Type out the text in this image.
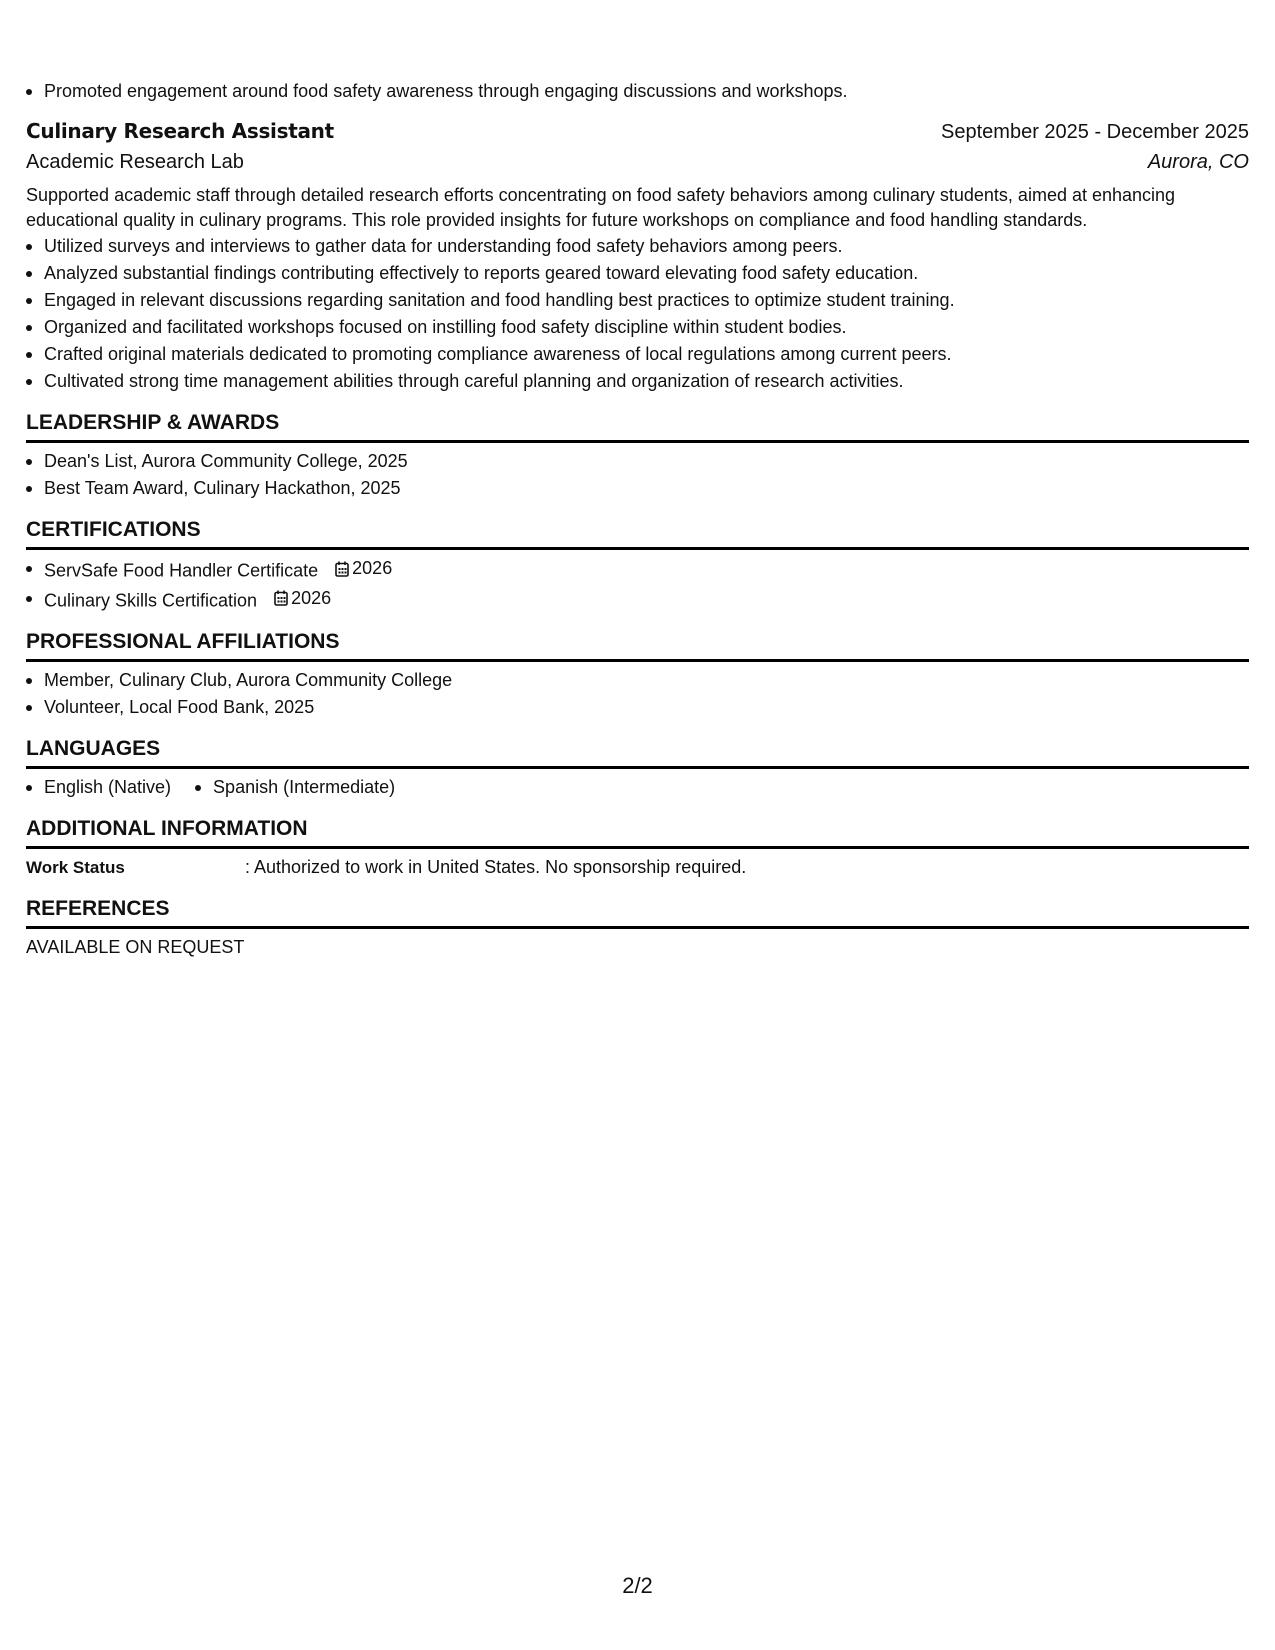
Promoted engagement around food safety awareness through engaging discussions and workshops.
Culinary Research Assistant	September 2025 - December 2025
Academic Research Lab	Aurora, CO

Supported academic staff through detailed research efforts concentrating on food safety behaviors among culinary students, aimed at enhancing educational quality in culinary programs. This role provided insights for future workshops on compliance and food handling standards.

Utilized surveys and interviews to gather data for understanding food safety behaviors among peers.
Analyzed substantial findings contributing effectively to reports geared toward elevating food safety education.
Engaged in relevant discussions regarding sanitation and food handling best practices to optimize student training.
Organized and facilitated workshops focused on instilling food safety discipline within student bodies.
Crafted original materials dedicated to promoting compliance awareness of local regulations among current peers.
Cultivated strong time management abilities through careful planning and organization of research activities.
LEADERSHIP & AWARDS
Dean's List, Aurora Community College, 2025
Best Team Award, Culinary Hackathon, 2025
CERTIFICATIONS
ServSafe Food Handler Certificate 2026
Culinary Skills Certification 2026
PROFESSIONAL AFFILIATIONS
Member, Culinary Club, Aurora Community College
Volunteer, Local Food Bank, 2025
LANGUAGES
English (Native)	Spanish (Intermediate)
ADDITIONAL INFORMATION
Work Status	: Authorized to work in United States. No sponsorship required.
REFERENCES
AVAILABLE ON REQUEST
2/2
